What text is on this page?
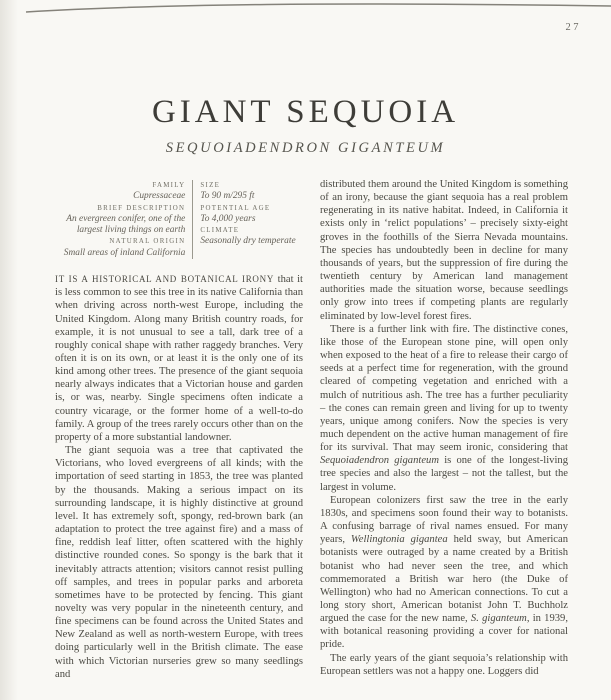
27
GIANT SEQUOIA
SEQUOIADENDRON GIGANTEUM
FAMILY
Cupressaceae
BRIEF DESCRIPTION
An evergreen conifer, one of the largest living things on earth
NATURAL ORIGIN
Small areas of inland California
SIZE
To 90 m/295 ft
POTENTIAL AGE
To 4,000 years
CLIMATE
Seasonally dry temperate

IT IS A HISTORICAL AND BOTANICAL IRONY that it is less common to see this tree in its native California than when driving across north-west Europe, including the United Kingdom. Along many British country roads, for example, it is not unusual to see a tall, dark tree of a roughly conical shape with rather raggedy branches. Very often it is on its own, or at least it is the only one of its kind among other trees. The presence of the giant sequoia nearly always indicates that a Victorian house and garden is, or was, nearby. Single specimens often indicate a country vicarage, or the former home of a well-to-do family. A group of the trees rarely occurs other than on the property of a more substantial landowner.

The giant sequoia was a tree that captivated the Victorians, who loved evergreens of all kinds; with the importation of seed starting in 1853, the tree was planted by the thousands. Making a serious impact on its surrounding landscape, it is highly distinctive at ground level. It has extremely soft, spongy, red-brown bark (an adaptation to protect the tree against fire) and a mass of fine, reddish leaf litter, often scattered with the highly distinctive rounded cones. So spongy is the bark that it inevitably attracts attention; visitors cannot resist pulling off samples, and trees in popular parks and arboreta sometimes have to be protected by fencing. This giant novelty was very popular in the nineteenth century, and fine specimens can be found across the United States and New Zealand as well as north-western Europe, with trees doing particularly well in the British climate. The ease with which Victorian nurseries grew so many seedlings and

distributed them around the United Kingdom is something of an irony, because the giant sequoia has a real problem regenerating in its native habitat. Indeed, in California it exists only in ‘relict populations’ – precisely sixty-eight groves in the foothills of the Sierra Nevada mountains. The species has undoubtedly been in decline for many thousands of years, but the suppression of fire during the twentieth century by American land management authorities made the situation worse, because seedlings only grow into trees if competing plants are regularly eliminated by low-level forest fires.

There is a further link with fire. The distinctive cones, like those of the European stone pine, will open only when exposed to the heat of a fire to release their cargo of seeds at a perfect time for regeneration, with the ground cleared of competing vegetation and enriched with a mulch of nutritious ash. The tree has a further peculiarity – the cones can remain green and living for up to twenty years, unique among conifers. Now the species is very much dependent on the active human management of fire for its survival. That may seem ironic, considering that Sequoiadendron giganteum is one of the longest-living tree species and also the largest – not the tallest, but the largest in volume.

European colonizers first saw the tree in the early 1830s, and specimens soon found their way to botanists. A confusing barrage of rival names ensued. For many years, Wellingtonia gigantea held sway, but American botanists were outraged by a name created by a British botanist who had never seen the tree, and which commemorated a British war hero (the Duke of Wellington) who had no American connections. To cut a long story short, American botanist John T. Buchholz argued the case for the new name, S. giganteum, in 1939, with botanical reasoning providing a cover for national pride.

The early years of the giant sequoia’s relationship with European settlers was not a happy one. Loggers did
